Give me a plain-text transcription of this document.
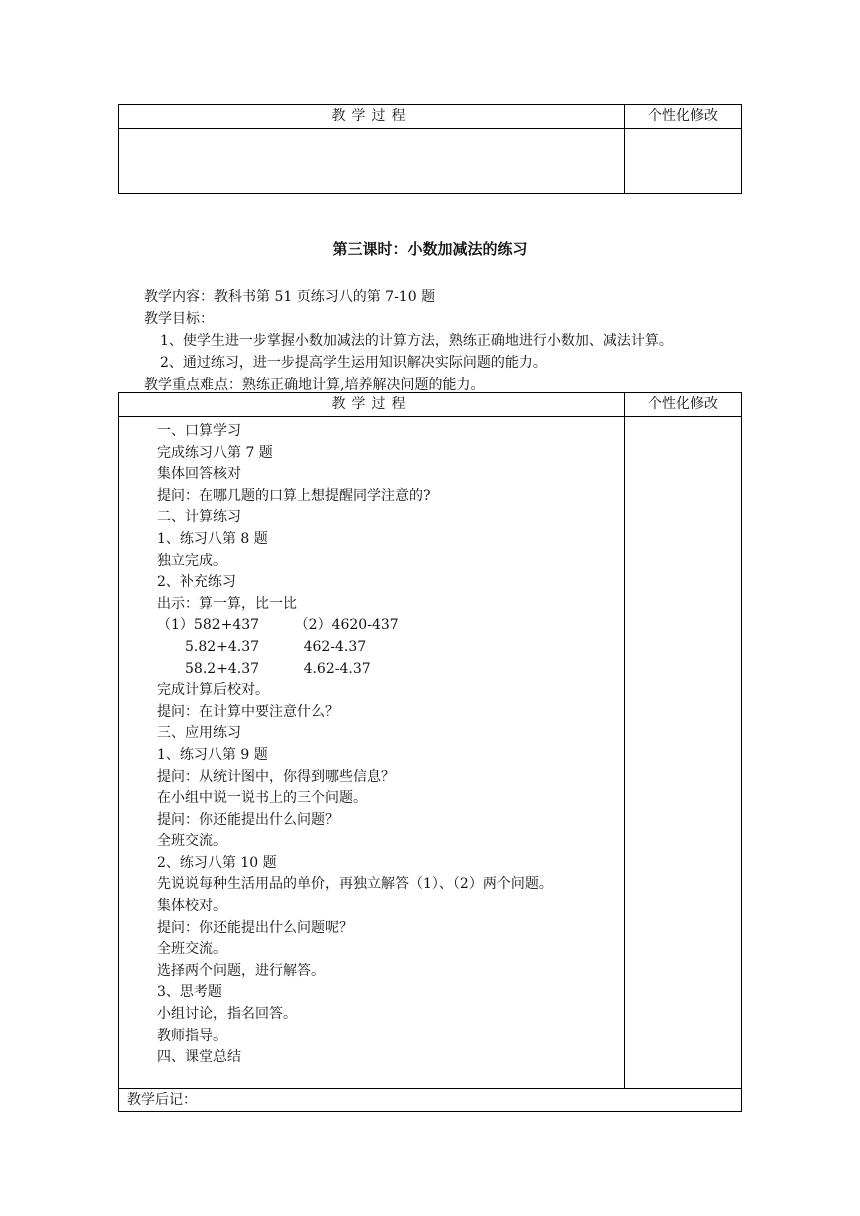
教学过程	个性化修改
第三课时：小数加减法的练习
教学内容：教科书第 51 页练习八的第 7-10 题
教学目标：
1、使学生进一步掌握小数加减法的计算方法，熟练正确地进行小数加、减法计算。
2、通过练习，进一步提高学生运用知识解决实际问题的能力。
教学重点难点：熟练正确地计算,培养解决问题的能力。
教学过程	个性化修改
一、口算学习
完成练习八第 7 题
集体回答核对
提问：在哪几题的口算上想提醒同学注意的?
二、计算练习
1、练习八第 8 题
独立完成。
2、补充练习
出示：算一算，比一比
（1）582+437        （2）4620-437
5.82+4.37          462-4.37
58.2+4.37          4.62-4.37
完成计算后校对。
提问：在计算中要注意什么？
三、应用练习
1、练习八第 9 题
提问：从统计图中，你得到哪些信息？
在小组中说一说书上的三个问题。
提问：你还能提出什么问题？
全班交流。
2、练习八第 10 题
先说说每种生活用品的单价，再独立解答（1）、（2）两个问题。
集体校对。
提问：你还能提出什么问题呢？
全班交流。
选择两个问题，进行解答。
3、思考题
小组讨论，指名回答。
教师指导。
四、课堂总结
教学后记：
